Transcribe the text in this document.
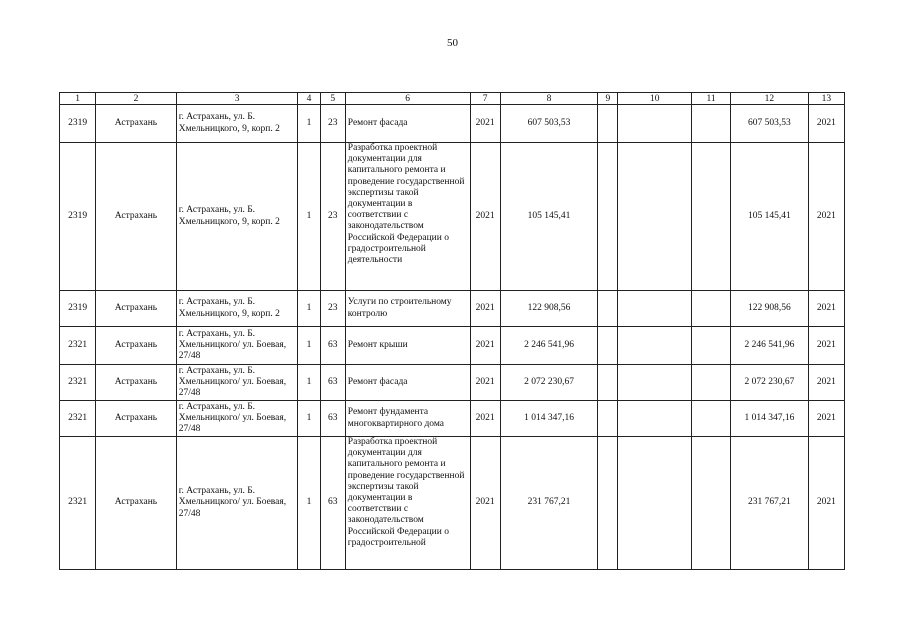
50
1	2	3	4	5	6	7	8	9	10	11	12	13
2319	Астрахань	г. Астрахань, ул. Б. Хмельницкого, 9, корп. 2	1	23	Ремонт фасада	2021	607 503,53				607 503,53	2021
2319	Астрахань	г. Астрахань, ул. Б. Хмельницкого, 9, корп. 2	1	23	Разработка проектной документации для капитального ремонта и проведение государственной экспертизы такой документации в соответствии с законодательством Российской Федерации о градостроительной деятельности	2021	105 145,41				105 145,41	2021
2319	Астрахань	г. Астрахань, ул. Б. Хмельницкого, 9, корп. 2	1	23	Услуги по строительному контролю	2021	122 908,56				122 908,56	2021
2321	Астрахань	г. Астрахань, ул. Б. Хмельницкого/ ул. Боевая, 27/48	1	63	Ремонт крыши	2021	2 246 541,96				2 246 541,96	2021
2321	Астрахань	г. Астрахань, ул. Б. Хмельницкого/ ул. Боевая, 27/48	1	63	Ремонт фасада	2021	2 072 230,67				2 072 230,67	2021
2321	Астрахань	г. Астрахань, ул. Б. Хмельницкого/ ул. Боевая, 27/48	1	63	Ремонт фундамента многоквартирного дома	2021	1 014 347,16				1 014 347,16	2021
2321	Астрахань	г. Астрахань, ул. Б. Хмельницкого/ ул. Боевая, 27/48	1	63	Разработка проектной документации для капитального ремонта и проведение государственной экспертизы такой документации в соответствии с законодательством Российской Федерации о градостроительной	2021	231 767,21				231 767,21	2021
